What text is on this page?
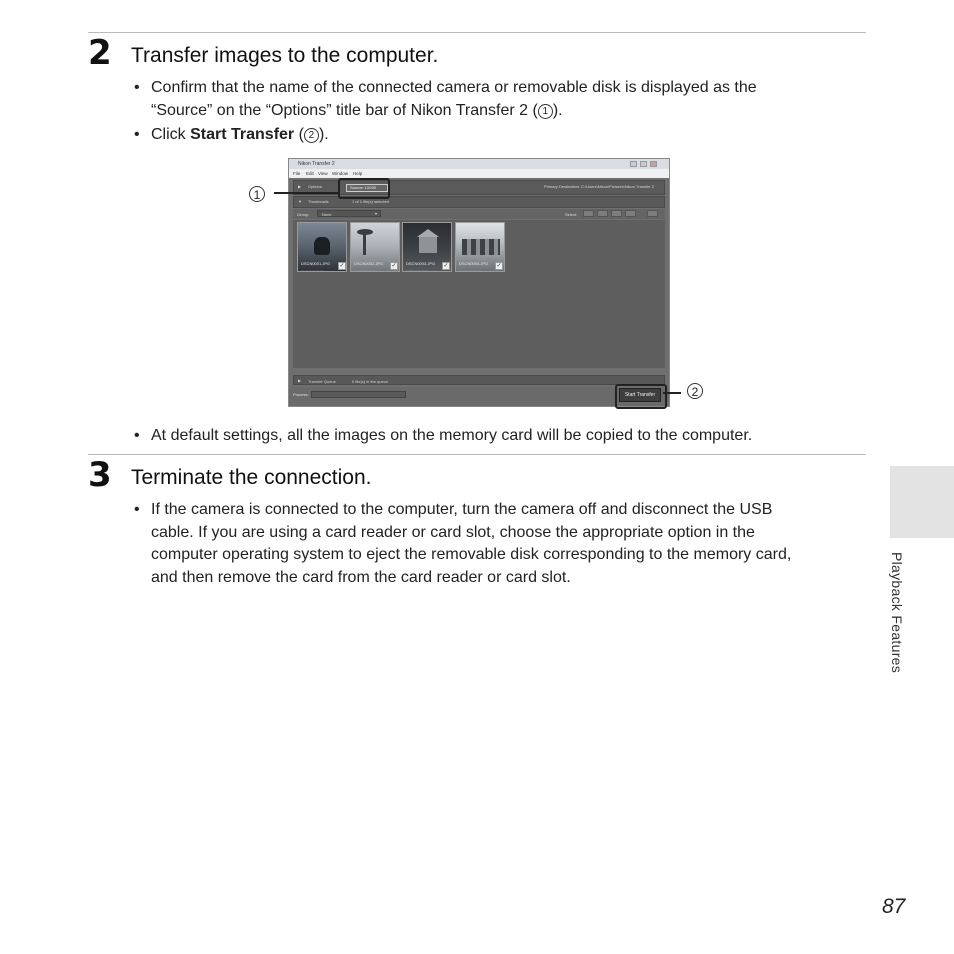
2 Transfer images to the computer.
• Confirm that the name of the connected camera or removable disk is displayed as the
“Source” on the “Options” title bar of Nikon Transfer 2 ( 1 ).
• Click Start Transfer ( 2 ).
Nikon Transfer 2
File Edit View Window Help
▶ Options	Source: L5200	Primary Destination: C:\Users\Nikon\Pictures\Nikon Transfer 2
▼ Thumbnails	1 of 1 file(s) selected
Group:	None	▾	Select:
DSCN0001.JPG
— — — — — —
✓	DSCN0002.JPG
— — — — — —
✓	DSCN0003.JPG
— — — — — —
✓	DSCN0004.JPG
— — — — — —
✓
▶ Transfer Queue	0 file(s) in the queue
Process:	Start Transfer
1
2
• At default settings, all the images on the memory card will be copied to the computer.
3 Terminate the connection.
• If the camera is connected to the computer, turn the camera off and disconnect the USB
cable. If you are using a card reader or card slot, choose the appropriate option in the
computer operating system to eject the removable disk corresponding to the memory card,
and then remove the card from the card reader or card slot.	Playback Features
87
